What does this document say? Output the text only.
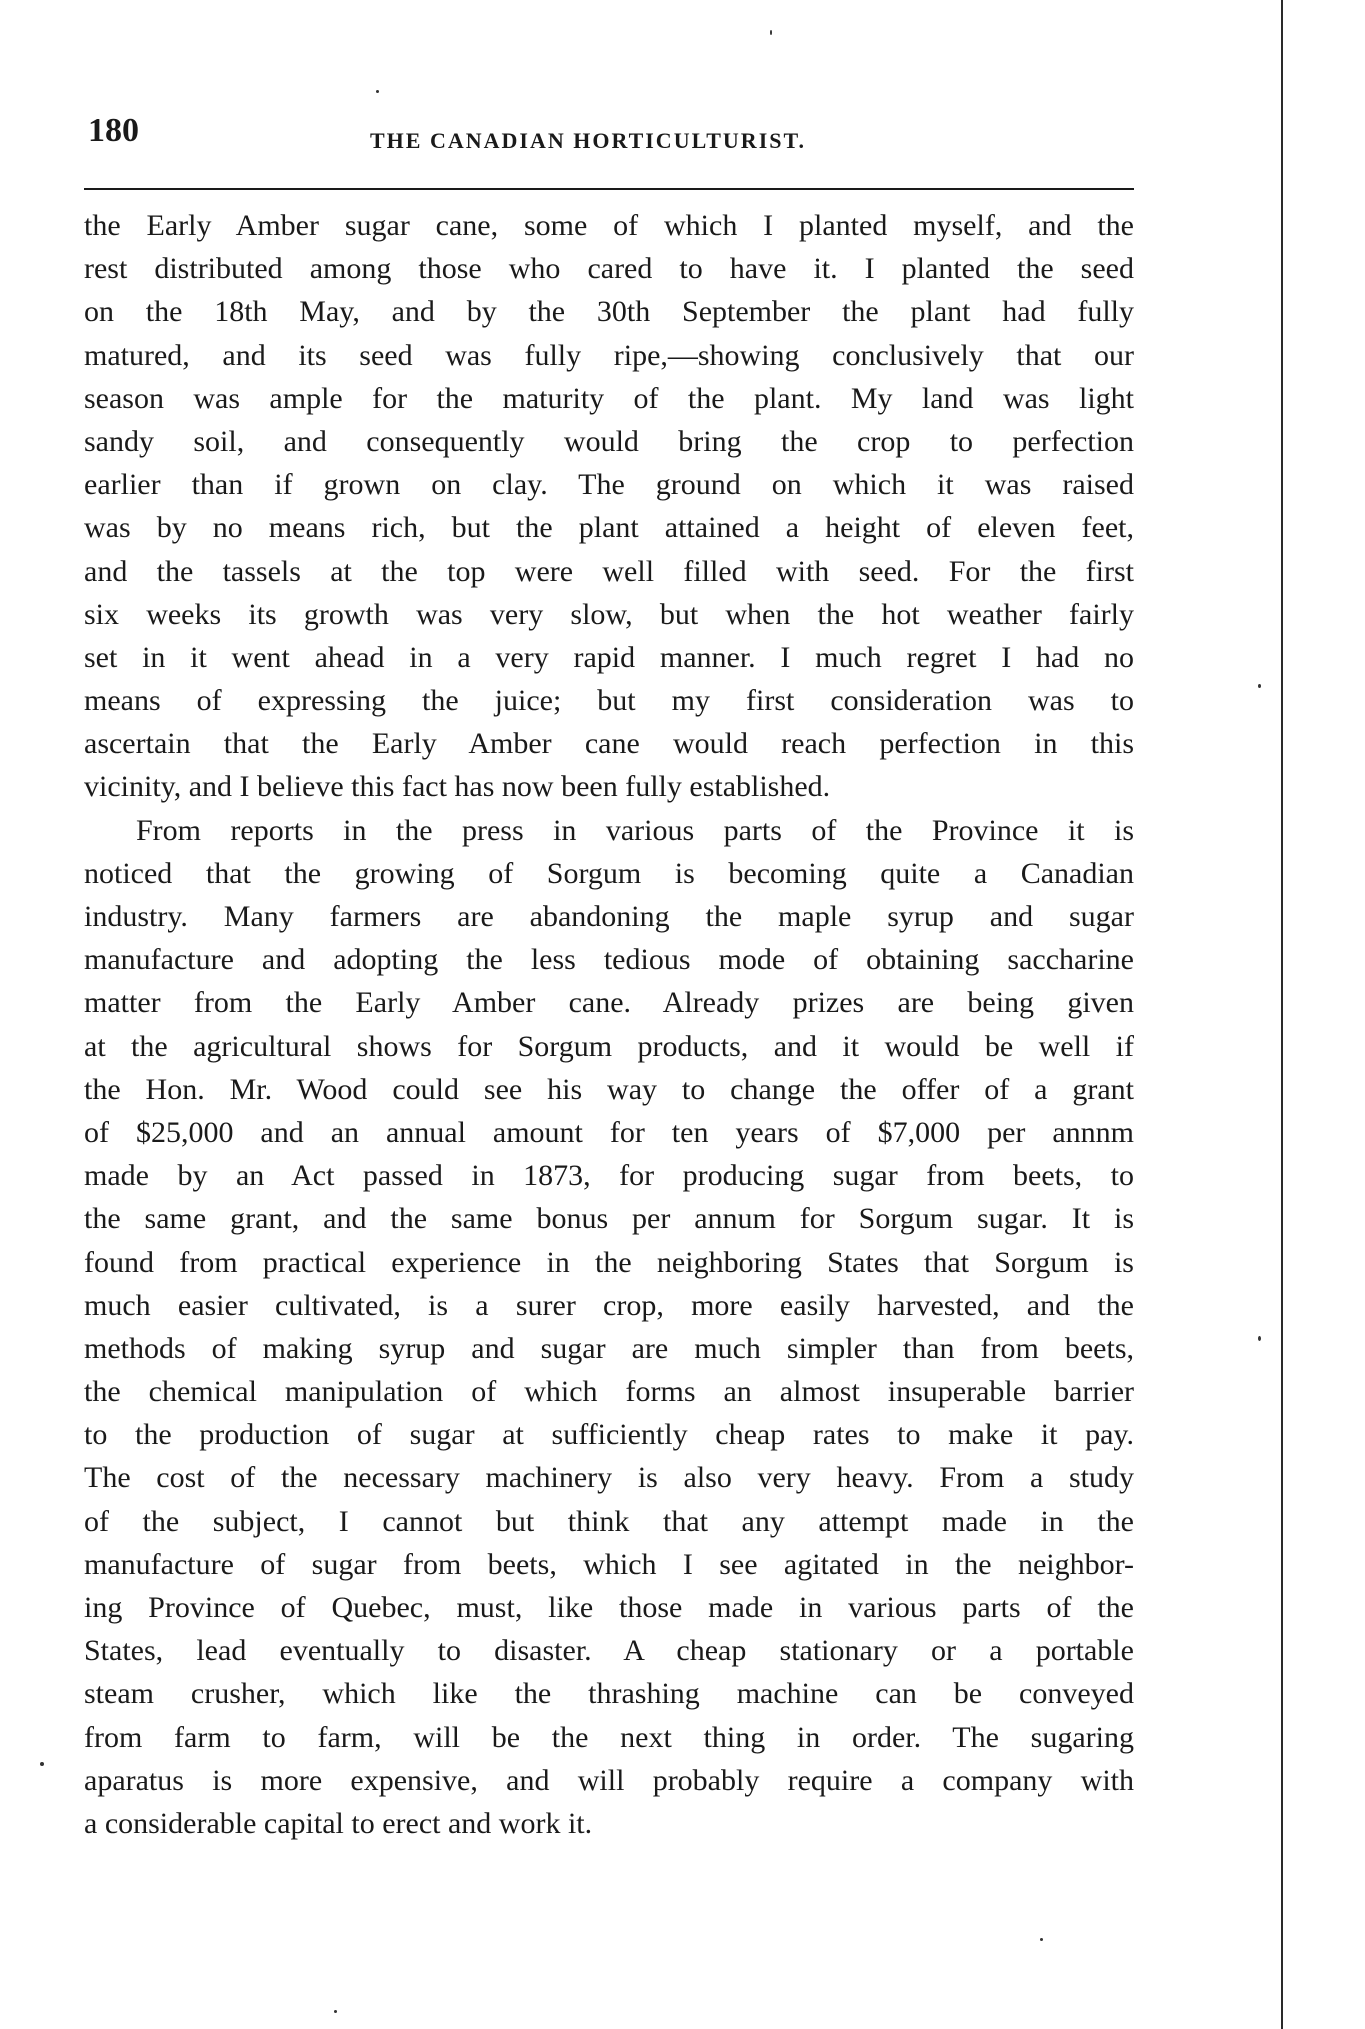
180	THE CANADIAN HORTICULTURIST.
the Early Amber sugar cane, some of which I planted myself, and the
rest distributed among those who cared to have it. I planted the seed
on the 18th May, and by the 30th September the plant had fully
matured, and its seed was fully ripe,—showing conclusively that our
season was ample for the maturity of the plant. My land was light
sandy soil, and consequently would bring the crop to perfection
earlier than if grown on clay. The ground on which it was raised
was by no means rich, but the plant attained a height of eleven feet,
and the tassels at the top were well filled with seed. For the first
six weeks its growth was very slow, but when the hot weather fairly
set in it went ahead in a very rapid manner. I much regret I had no
means of expressing the juice; but my first consideration was to
ascertain that the Early Amber cane would reach perfection in this
vicinity, and I believe this fact has now been fully established.
From reports in the press in various parts of the Province it is
noticed that the growing of Sorgum is becoming quite a Canadian
industry. Many farmers are abandoning the maple syrup and sugar
manufacture and adopting the less tedious mode of obtaining saccharine
matter from the Early Amber cane. Already prizes are being given
at the agricultural shows for Sorgum products, and it would be well if
the Hon. Mr. Wood could see his way to change the offer of a grant
of $25,000 and an annual amount for ten years of $7,000 per annnm
made by an Act passed in 1873, for producing sugar from beets, to
the same grant, and the same bonus per annum for Sorgum sugar. It is
found from practical experience in the neighboring States that Sorgum is
much easier cultivated, is a surer crop, more easily harvested, and the
methods of making syrup and sugar are much simpler than from beets,
the chemical manipulation of which forms an almost insuperable barrier
to the production of sugar at sufficiently cheap rates to make it pay.
The cost of the necessary machinery is also very heavy. From a study
of the subject, I cannot but think that any attempt made in the
manufacture of sugar from beets, which I see agitated in the neighbor-
ing Province of Quebec, must, like those made in various parts of the
States, lead eventually to disaster. A cheap stationary or a portable
steam crusher, which like the thrashing machine can be conveyed
from farm to farm, will be the next thing in order. The sugaring
aparatus is more expensive, and will probably require a company with
a considerable capital to erect and work it.
